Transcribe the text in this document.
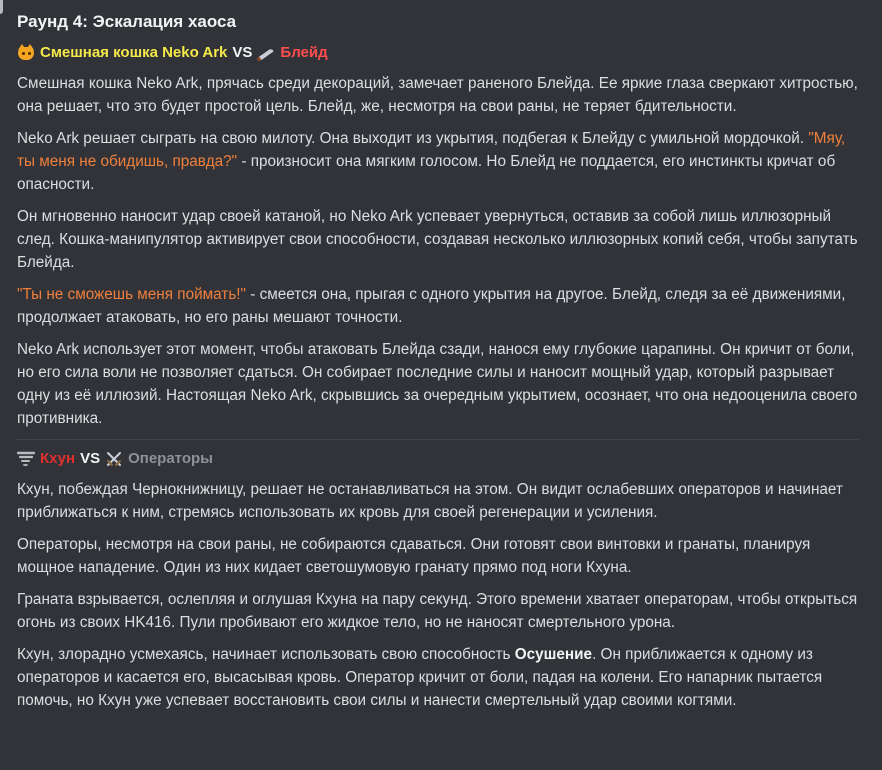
Раунд 4: Эскалация хаоса
Смешная кошка Neko Ark VS Блейд
Смешная кошка Neko Ark, прячась среди декораций, замечает раненого Блейда. Ее яркие глаза сверкают хитростью, она решает, что это будет простой цель. Блейд, же, несмотря на свои раны, не теряет бдительности.
Neko Ark решает сыграть на свою милоту. Она выходит из укрытия, подбегая к Блейду с умильной мордочкой. "Мяу, ты меня не обидишь, правда?" - произносит она мягким голосом. Но Блейд не поддается, его инстинкты кричат об опасности.
Он мгновенно наносит удар своей катаной, но Neko Ark успевает увернуться, оставив за собой лишь иллюзорный след. Кошка-манипулятор активирует свои способности, создавая несколько иллюзорных копий себя, чтобы запутать Блейда.
"Ты не сможешь меня поймать!" - смеется она, прыгая с одного укрытия на другое. Блейд, следя за её движениями, продолжает атаковать, но его раны мешают точности.
Neko Ark использует этот момент, чтобы атаковать Блейда сзади, нанося ему глубокие царапины. Он кричит от боли, но его сила воли не позволяет сдаться. Он собирает последние силы и наносит мощный удар, который разрывает одну из её иллюзий. Настоящая Neko Ark, скрывшись за очередным укрытием, осознает, что она недооценила своего противника.
Кхун VS Операторы
Кхун, побеждая Чернокнижницу, решает не останавливаться на этом. Он видит ослабевших операторов и начинает приближаться к ним, стремясь использовать их кровь для своей регенерации и усиления.
Операторы, несмотря на свои раны, не собираются сдаваться. Они готовят свои винтовки и гранаты, планируя мощное нападение. Один из них кидает светошумовую гранату прямо под ноги Кхуна.
Граната взрывается, ослепляя и оглушая Кхуна на пару секунд. Этого времени хватает операторам, чтобы открыться огонь из своих HK416. Пули пробивают его жидкое тело, но не наносят смертельного урона.
Кхун, злорадно усмехаясь, начинает использовать свою способность Осушение. Он приближается к одному из операторов и касается его, высасывая кровь. Оператор кричит от боли, падая на колени. Его напарник пытается помочь, но Кхун уже успевает восстановить свои силы и нанести смертельный удар своими когтями.
